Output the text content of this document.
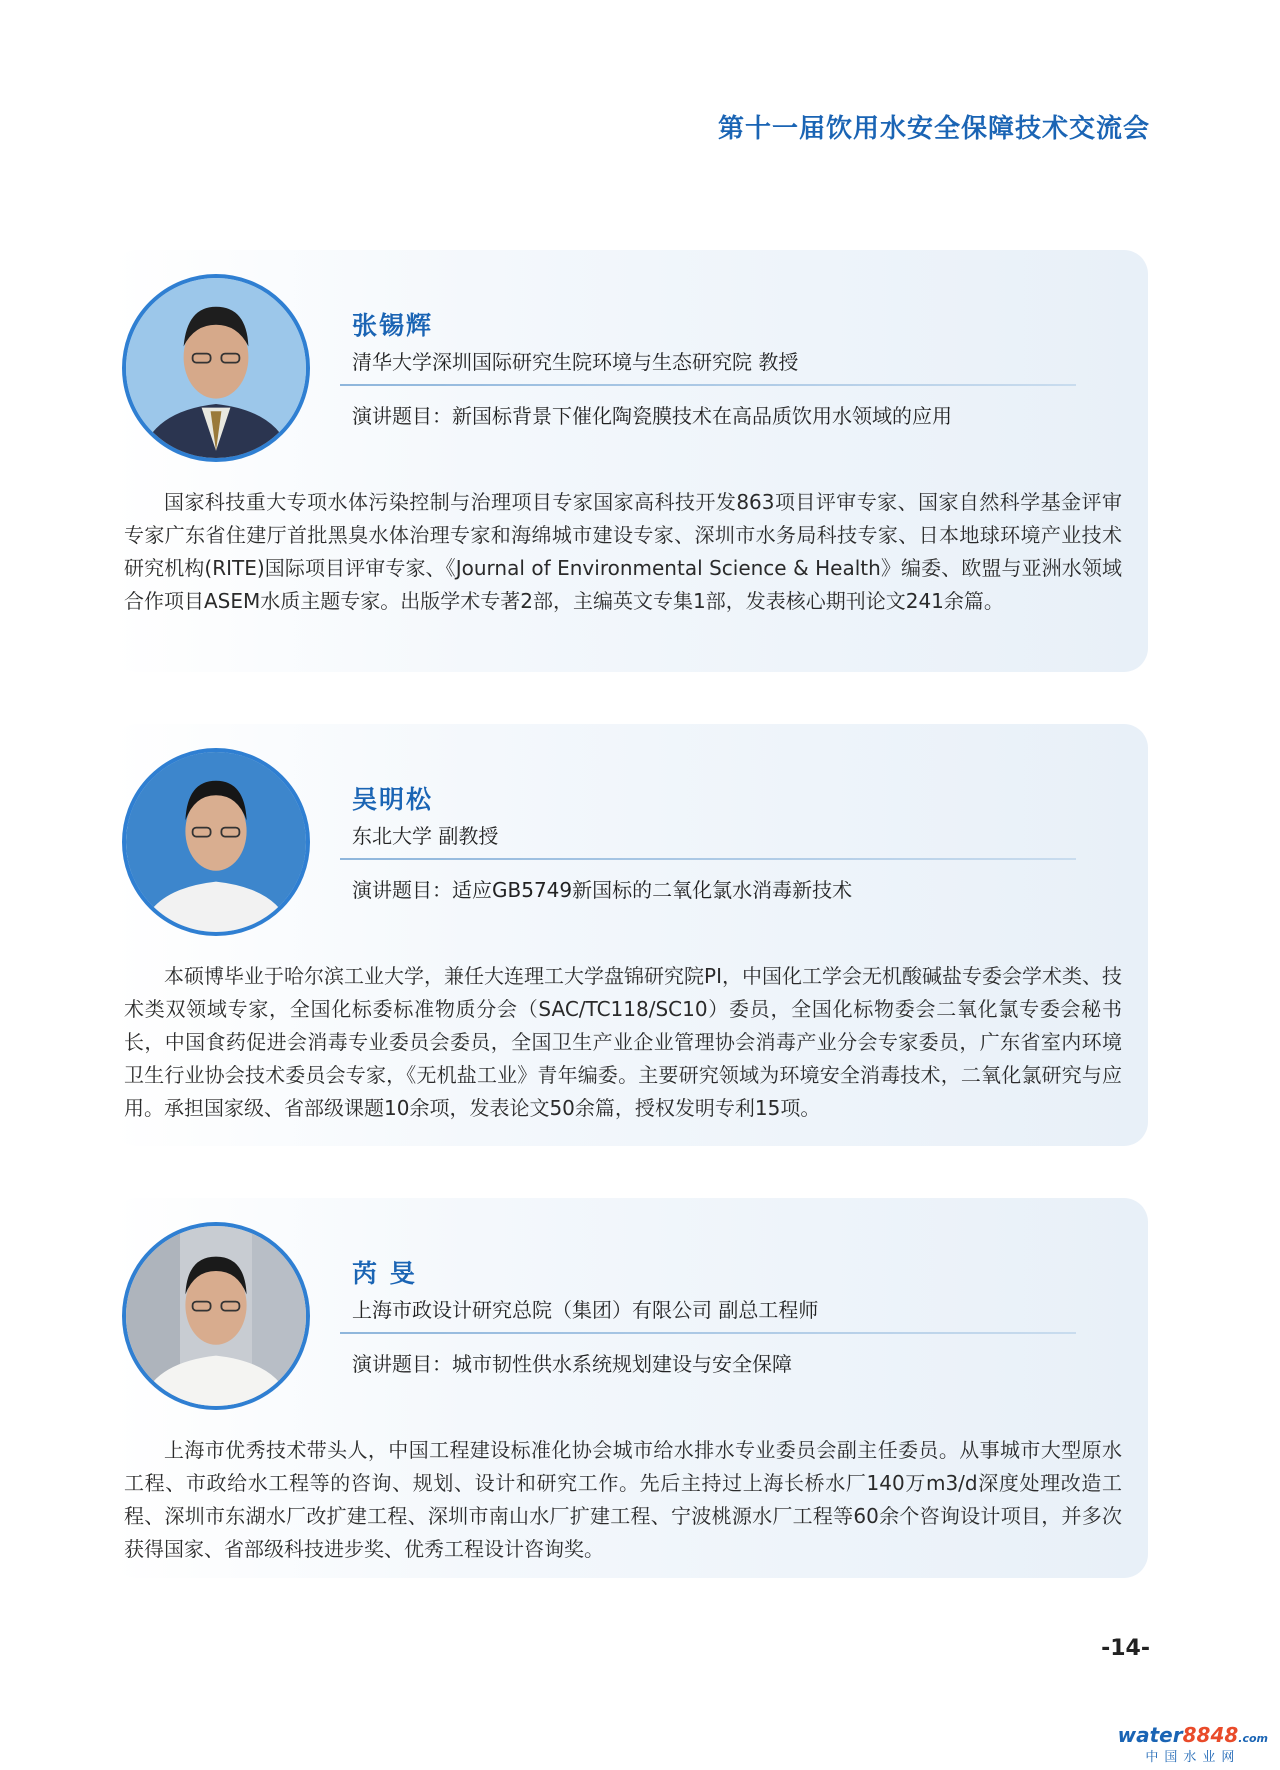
第十一届饮用水安全保障技术交流会
张锡辉
清华大学深圳国际研究生院环境与生态研究院 教授
演讲题目：新国标背景下催化陶瓷膜技术在高品质饮用水领域的应用

国家科技重大专项水体污染控制与治理项目专家国家高科技开发863项目评审专家、国家自然科学基金评审专家广东省住建厅首批黑臭水体治理专家和海绵城市建设专家、深圳市水务局科技专家、日本地球环境产业技术研究机构(RITE)国际项目评审专家、《Journal of Environmental Science & Health》编委、欧盟与亚洲水领域合作项目ASEM水质主题专家。出版学术专著2部，主编英文专集1部，发表核心期刊论文241余篇。

吴明松
东北大学 副教授
演讲题目：适应GB5749新国标的二氧化氯水消毒新技术

本硕博毕业于哈尔滨工业大学，兼任大连理工大学盘锦研究院PI，中国化工学会无机酸碱盐专委会学术类、技术类双领域专家，全国化标委标准物质分会（SAC/TC118/SC10）委员，全国化标物委会二氧化氯专委会秘书长，中国食药促进会消毒专业委员会委员，全国卫生产业企业管理协会消毒产业分会专家委员，广东省室内环境卫生行业协会技术委员会专家，《无机盐工业》青年编委。主要研究领域为环境安全消毒技术，二氧化氯研究与应用。承担国家级、省部级课题10余项，发表论文50余篇，授权发明专利15项。

芮 旻
上海市政设计研究总院（集团）有限公司 副总工程师
演讲题目：城市韧性供水系统规划建设与安全保障

上海市优秀技术带头人，中国工程建设标准化协会城市给水排水专业委员会副主任委员。从事城市大型原水工程、市政给水工程等的咨询、规划、设计和研究工作。先后主持过上海长桥水厂140万m3/d深度处理改造工程、深圳市东湖水厂改扩建工程、深圳市南山水厂扩建工程、宁波桃源水厂工程等60余个咨询设计项目，并多次获得国家、省部级科技进步奖、优秀工程设计咨询奖。

-14-
water8848.com
中国水业网
